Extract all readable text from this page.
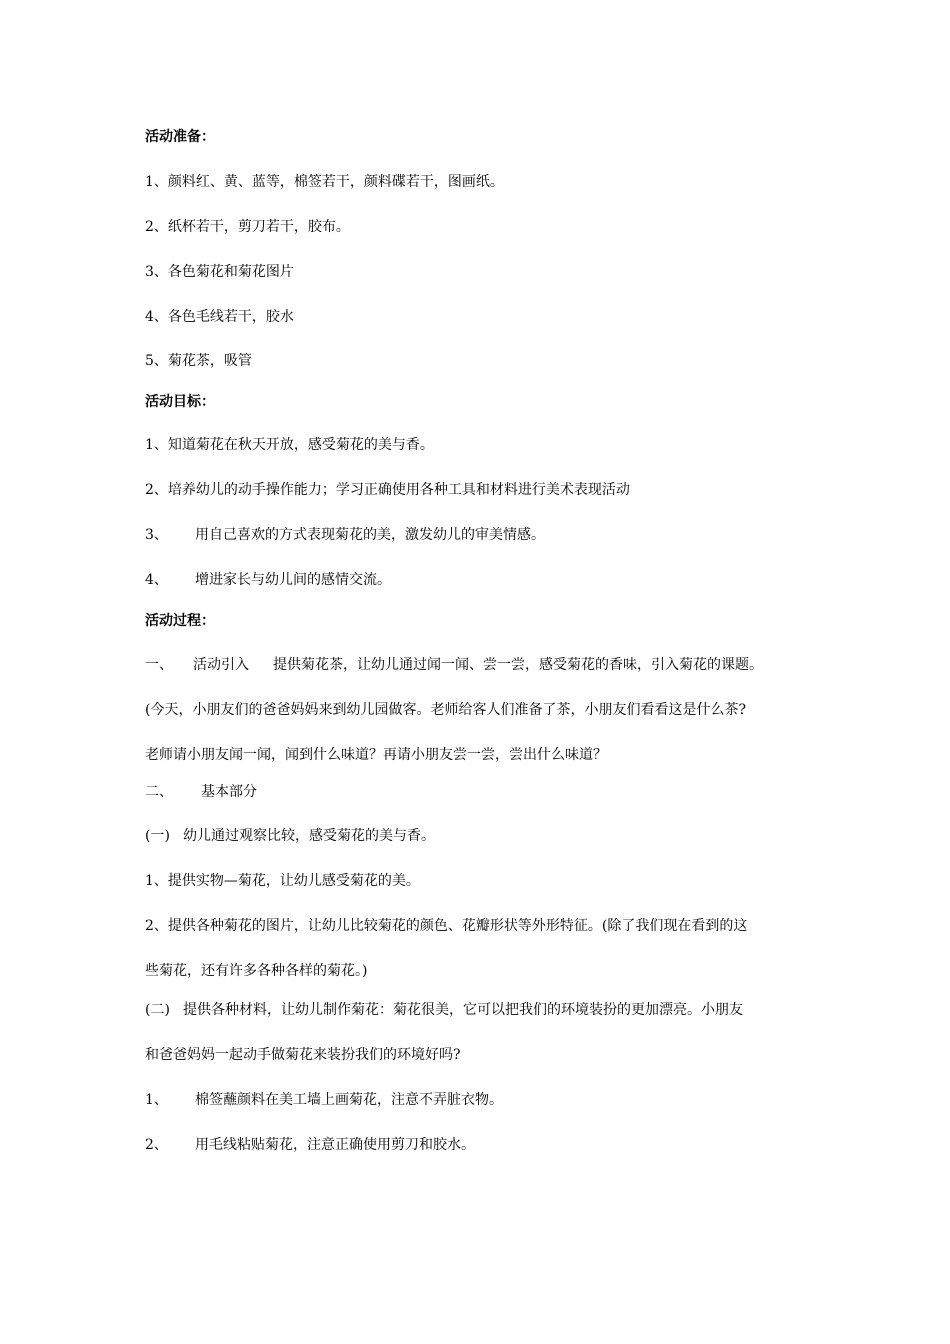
活动准备：
1、颜料红、黄、蓝等，棉签若干，颜料碟若干，图画纸。
2、纸杯若干，剪刀若干，胶布。
3、各色菊花和菊花图片
4、各色毛线若干，胶水
5、菊花茶，吸管
活动目标：
1、知道菊花在秋天开放，感受菊花的美与香。
2、培养幼儿的动手操作能力；学习正确使用各种工具和材料进行美术表现活动
3、 用自己喜欢的方式表现菊花的美，激发幼儿的审美情感。
4、 增进家长与幼儿间的感情交流。
活动过程：
一、 活动引入 提供菊花茶，让幼儿通过闻一闻、尝一尝，感受菊花的香味，引入菊花的课题。
(今天，小朋友们的爸爸妈妈来到幼儿园做客。老师给客人们准备了茶，小朋友们看看这是什么茶?
老师请小朋友闻一闻，闻到什么味道？再请小朋友尝一尝，尝出什么味道？
二、 基本部分
(一) 幼儿通过观察比较，感受菊花的美与香。
1、提供实物—菊花，让幼儿感受菊花的美。
2、提供各种菊花的图片，让幼儿比较菊花的颜色、花瓣形状等外形特征。(除了我们现在看到的这
些菊花，还有许多各种各样的菊花。)
(二) 提供各种材料，让幼儿制作菊花：菊花很美，它可以把我们的环境装扮的更加漂亮。小朋友
和爸爸妈妈一起动手做菊花来装扮我们的环境好吗?
1、 棉签蘸颜料在美工墙上画菊花，注意不弄脏衣物。
2、 用毛线粘贴菊花，注意正确使用剪刀和胶水。
